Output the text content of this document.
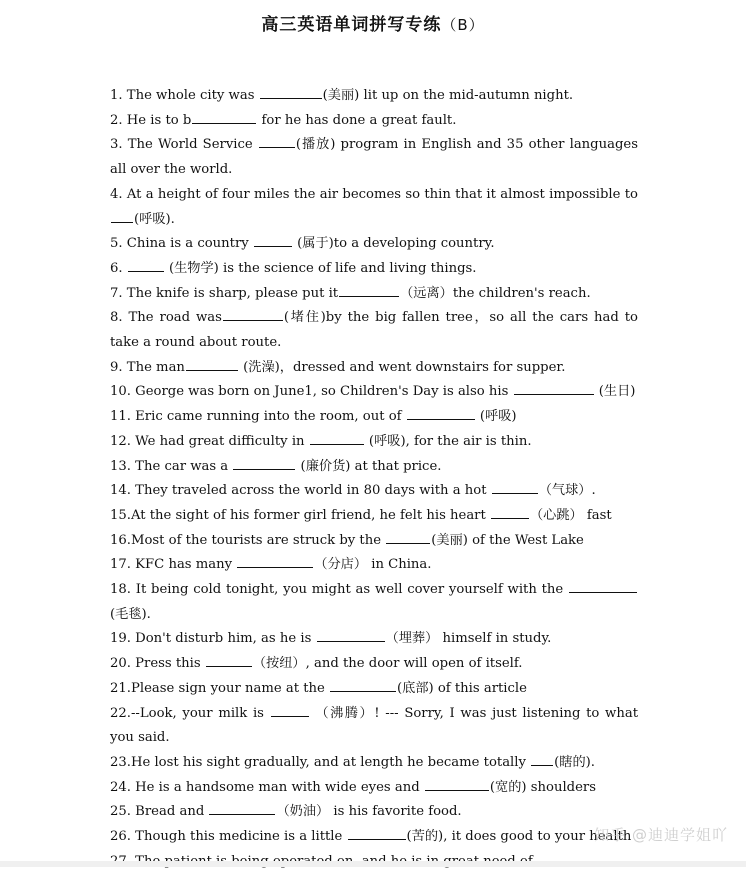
高三英语单词拼写专练（B）
1. The whole city was	(美丽) lit up on the mid-autumn night.
2. He is to b	for he has done a great fault.
3. The World Service	(播放) program in English and 35 other languages all over the world.
4. At a height of four miles the air becomes so thin that it almost impossible to (呼吸).
5. China is a country	(属于)to a developing country.
6.	(生物学) is the science of life and living things.
7. The knife is sharp, please put it	（远离）the children's reach.
8. The road was	(堵住)by the big fallen tree，so all the cars had to take a round about route.
9. The man	(洗澡)，dressed and went downstairs for supper.
10. George was born on June1, so Children's Day is also his	(生日)
11. Eric came running into the room, out of	(呼吸)
12. We had great difficulty in	(呼吸), for the air is thin.
13. The car was a	(廉价货) at that price.
14. They traveled across the world in 80 days with a hot	（气球）.
15.At the sight of his former girl friend, he felt his heart	（心跳） fast
16.Most of the tourists are struck by the	(美丽) of the West Lake
17. KFC has many	（分店） in China.
18. It being cold tonight, you might as well cover yourself with the (毛毯).
19. Don't disturb him, as he is	（埋葬） himself in study.
20. Press this	（按纽）, and the door will open of itself.
21.Please sign your name at the	(底部) of this article
22.--Look, your milk is	（沸腾）! --- Sorry, I was just listening to what you said.
23.He lost his sight gradually, and at length he became totally (瞎的).
24. He is a handsome man with wide eyes and	(宽的) shoulders
25. Bread and	（奶油） is his favorite food.
26. Though this medicine is a little	(苦的), it does good to your health
知乎 @迪迪学姐吖
